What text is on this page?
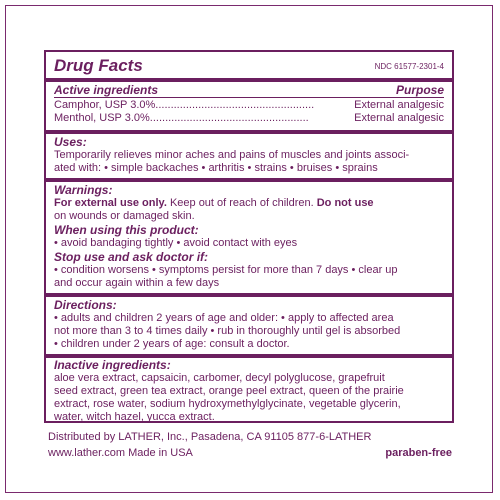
Drug Facts	NDC 61577-2301-4
Active ingredients	Purpose
Camphor, USP 3.0%....................................................	External analgesic
Menthol, USP 3.0%....................................................	External analgesic
Uses:
Temporarily relieves minor aches and pains of muscles and joints associ-
ated with: • simple backaches • arthritis • strains • bruises • sprains
Warnings:
For external use only. Keep out of reach of children. Do not use
on wounds or damaged skin.
When using this product:
• avoid bandaging tightly • avoid contact with eyes
Stop use and ask doctor if:
• condition worsens • symptoms persist for more than 7 days • clear up
and occur again within a few days
Directions:
• adults and children 2 years of age and older: • apply to affected area
not more than 3 to 4 times daily • rub in thoroughly until gel is absorbed
• children under 2 years of age: consult a doctor.
Inactive ingredients:
aloe vera extract, capsaicin, carbomer, decyl polyglucose, grapefruit
seed extract, green tea extract, orange peel extract, queen of the prairie
extract, rose water, sodium hydroxymethylglycinate, vegetable glycerin,
water, witch hazel, yucca extract.
Distributed by LATHER, Inc., Pasadena, CA 91105 877-6-LATHER
www.lather.com Made in USA	paraben-free
